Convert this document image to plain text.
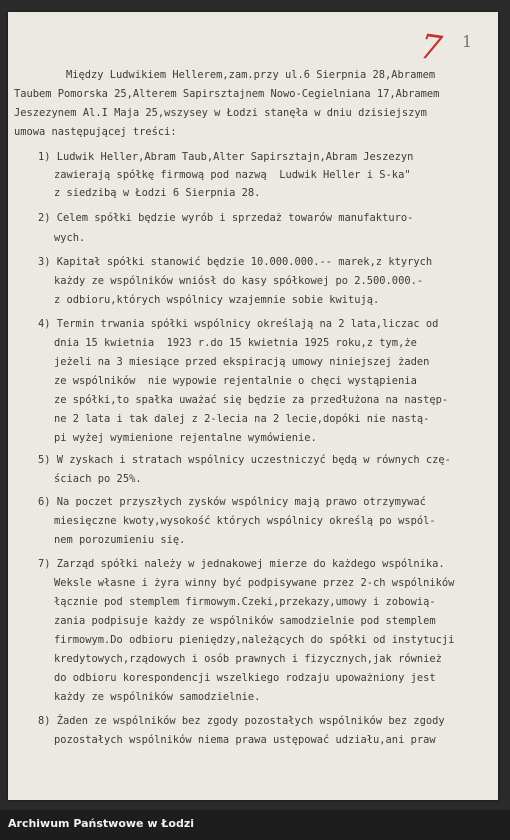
7 1
Między Ludwikiem Hellerem,zam.przy ul.6 Sierpnia 28,Abramem
Taubem Pomorska 25,Alterem Sapirsztajnem Nowo-Cegielniana 17,Abramem
Jeszezynem Al.I Maja 25,wszysey w Łodzi stanęła w dniu dzisiejszym
umowa następującej treści:
1) Ludwik Heller,Abram Taub,Alter Sapirsztajn,Abram Jeszezyn
zawierają spółkę firmową pod nazwą  Ludwik Heller i S-ka"
z siedzibą w Łodzi 6 Sierpnia 28.
2) Celem spółki będzie wyrób i sprzedaż towarów manufakturo-
wych.
3) Kapitał spółki stanowić będzie 10.000.000.-- marek,z ktyrych
każdy ze wspólników wniósł do kasy spółkowej po 2.500.000.-
z odbioru,których wspólnicy wzajemnie sobie kwitują.
4) Termin trwania spółki wspólnicy określają na 2 lata,liczac od
dnia 15 kwietnia  1923 r.do 15 kwietnia 1925 roku,z tym,że
jeżeli na 3 miesiące przed ekspiracją umowy niniejszej żaden
ze wspólników  nie wypowie rejentalnie o chęci wystąpienia
ze spółki,to spałka uważać się będzie za przedłużona na następ-
ne 2 lata i tak dalej z 2-lecia na 2 lecie,dopóki nie nastą-
pi wyżej wymienione rejentalne wymówienie.
5) W zyskach i stratach wspólnicy uczestniczyć będą w równych czę-
ściach po 25%.
6) Na poczet przyszłych zysków wspólnicy mają prawo otrzymywać
miesięczne kwoty,wysokość których wspólnicy określą po wspól-
nem porozumieniu się.
7) Zarząd spółki należy w jednakowej mierze do każdego wspólnika.
Weksle własne i żyra winny być podpisywane przez 2-ch wspólników
łącznie pod stemplem firmowym.Czeki,przekazy,umowy i zobowią-
zania podpisuje każdy ze wspólników samodzielnie pod stemplem
firmowym.Do odbioru pieniędzy,należących do spółki od instytucji
kredytowych,rządowych i osób prawnych i fizycznych,jak również
do odbioru korespondencji wszelkiego rodzaju upoważniony jest
każdy ze wspólników samodzielnie.
8) Żaden ze wspólników bez zgody pozostałych wspólników bez zgody
pozostałych wspólników niema prawa ustępować udziału,ani praw
Archiwum Państwowe w Łodzi
